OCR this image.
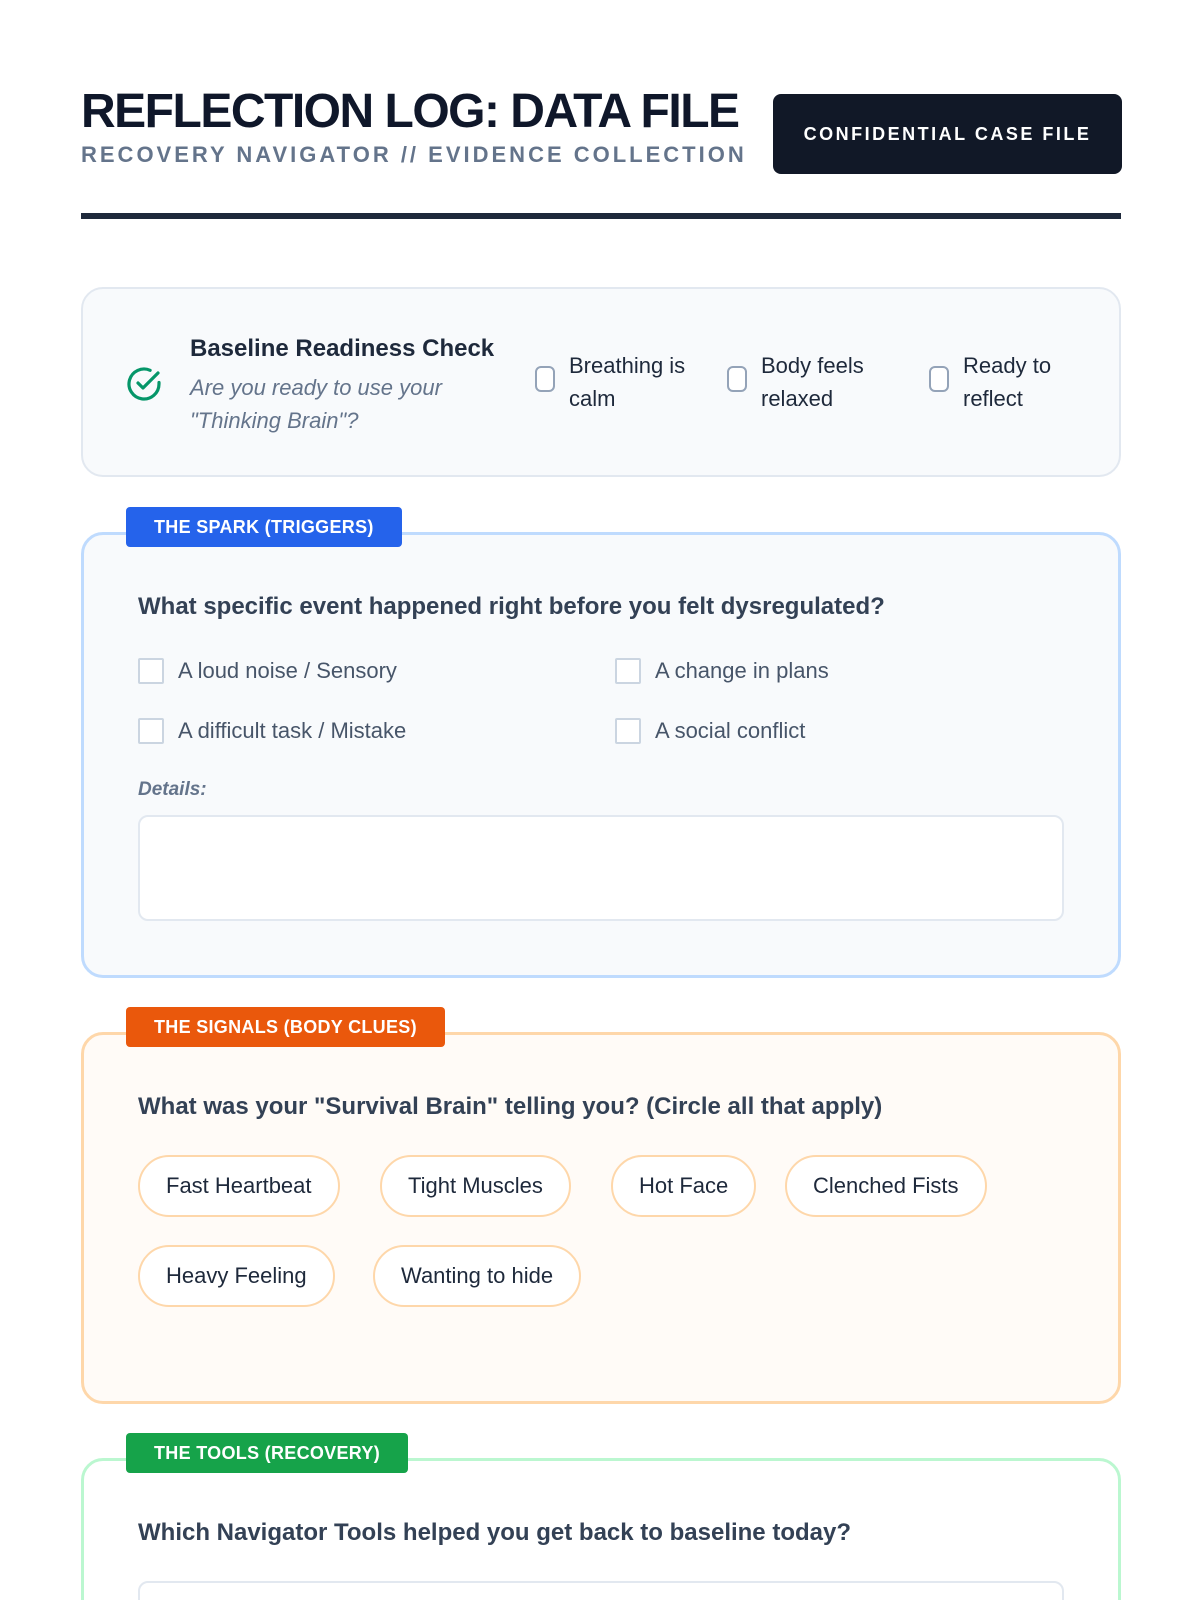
REFLECTION LOG: DATA FILE
RECOVERY NAVIGATOR // EVIDENCE COLLECTION
CONFIDENTIAL CASE FILE
Baseline Readiness Check
Are you ready to use your "Thinking Brain"?
Breathing is calm
Body feels relaxed
Ready to reflect
THE SPARK (TRIGGERS)
What specific event happened right before you felt dysregulated?
A loud noise / Sensory	A change in plans
A difficult task / Mistake	A social conflict
Details:
THE SIGNALS (BODY CLUES)
What was your "Survival Brain" telling you? (Circle all that apply)
Fast Heartbeat	Tight Muscles	Hot Face	Clenched Fists
Heavy Feeling	Wanting to hide
THE TOOLS (RECOVERY)
Which Navigator Tools helped you get back to baseline today?
